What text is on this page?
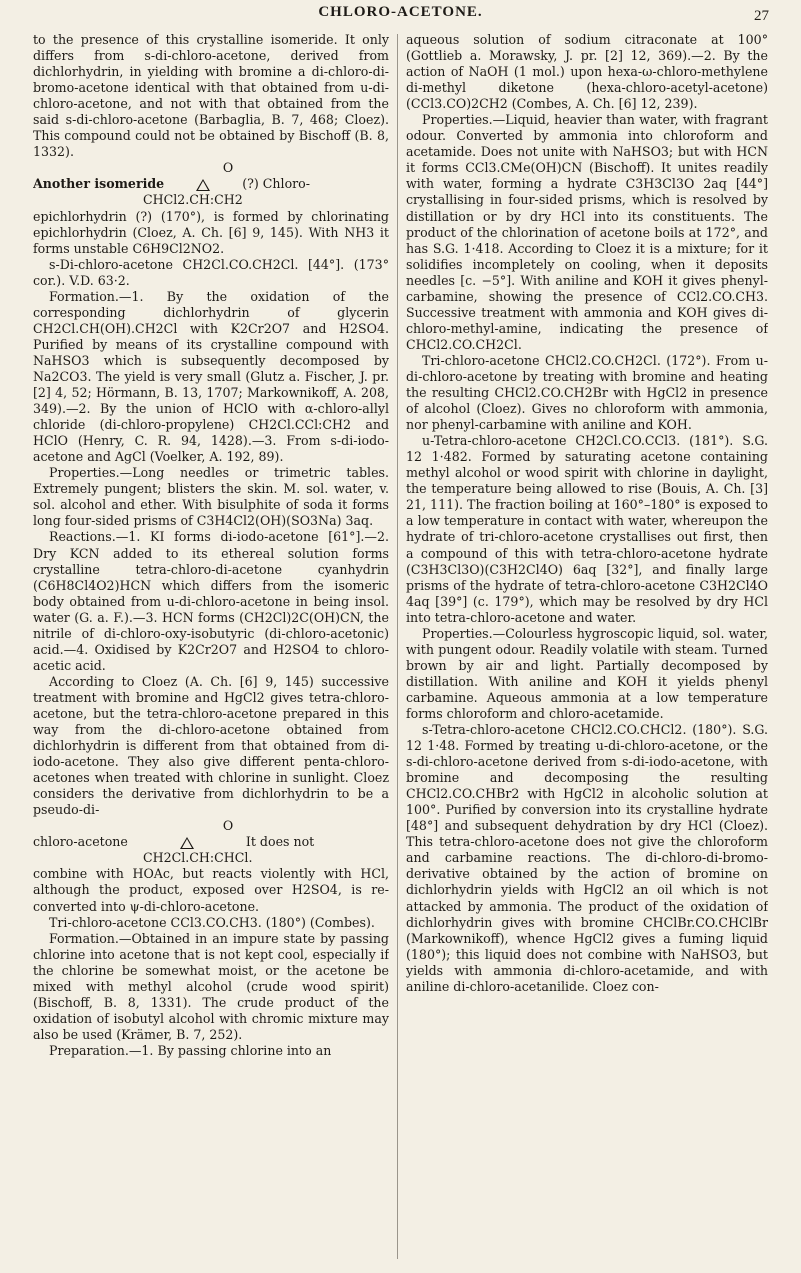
CHLORO-ACETONE.	27

to the presence of this crystalline isomeride. It only differs from s-di-chloro-acetone, derived from dichlorhydrin, in yielding with bromine a di-chloro-di-bromo-acetone identical with that obtained from u-di-chloro-acetone, and not with that obtained from the said s-di-chloro-acetone (Barbaglia, B. 7, 468; Cloez). This compound could not be obtained by Bischoff (B. 8, 1332).

O

Another isomeride	(?) Chloro-

CHCl2.CH:CH2

epichlorhydrin (?) (170°), is formed by chlorinating epichlorhydrin (Cloez, A. Ch. [6] 9, 145). With NH3 it forms unstable C6H9Cl2NO2.

s-Di-chloro-acetone CH2Cl.CO.CH2Cl. [44°]. (173° cor.). V.D. 63·2.

Formation.—1. By the oxidation of the corresponding dichlorhydrin of glycerin CH2Cl.CH(OH).CH2Cl with K2Cr2O7 and H2SO4. Purified by means of its crystalline compound with NaHSO3 which is subsequently decomposed by Na2CO3. The yield is very small (Glutz a. Fischer, J. pr. [2] 4, 52; Hörmann, B. 13, 1707; Markownikoff, A. 208, 349).—2. By the union of HClO with α-chloro-allyl chloride (di-chloro-propylene) CH2Cl.CCl:CH2 and HClO (Henry, C. R. 94, 1428).—3. From s-di-iodo-acetone and AgCl (Voelker, A. 192, 89).

Properties.—Long needles or trimetric tables. Extremely pungent; blisters the skin. M. sol. water, v. sol. alcohol and ether. With bisulphite of soda it forms long four-sided prisms of C3H4Cl2(OH)(SO3Na) 3aq.

Reactions.—1. KI forms di-iodo-acetone [61°].—2. Dry KCN added to its ethereal solution forms crystalline tetra-chloro-di-acetone cyanhydrin (C6H8Cl4O2)HCN which differs from the isomeric body obtained from u-di-chloro-acetone in being insol. water (G. a. F.).—3. HCN forms (CH2Cl)2C(OH)CN, the nitrile of di-chloro-oxy-isobutyric (di-chloro-acetonic) acid.—4. Oxidised by K2Cr2O7 and H2SO4 to chloro-acetic acid.

According to Cloez (A. Ch. [6] 9, 145) successive treatment with bromine and HgCl2 gives tetra-chloro-acetone, but the tetra-chloro-acetone prepared in this way from the di-chloro-acetone obtained from dichlorhydrin is different from that obtained from di-iodo-acetone. They also give different penta-chloro-acetones when treated with chlorine in sunlight. Cloez considers the derivative from dichlorhydrin to be a pseudo-di-

O

chloro-acetone	It does not

CH2Cl.CH:CHCl.

combine with HOAc, but reacts violently with HCl, although the product, exposed over H2SO4, is re-converted into ψ-di-chloro-acetone.

Tri-chloro-acetone CCl3.CO.CH3. (180°) (Combes).

Formation.—Obtained in an impure state by passing chlorine into acetone that is not kept cool, especially if the chlorine be somewhat moist, or the acetone be mixed with methyl alcohol (crude wood spirit) (Bischoff, B. 8, 1331). The crude product of the oxidation of isobutyl alcohol with chromic mixture may also be used (Krämer, B. 7, 252).

Preparation.—1. By passing chlorine into an

aqueous solution of sodium citraconate at 100° (Gottlieb a. Morawsky, J. pr. [2] 12, 369).—2. By the action of NaOH (1 mol.) upon hexa-ω-chloro-methylene di-methyl diketone (hexa-chloro-acetyl-acetone) (CCl3.CO)2CH2 (Combes, A. Ch. [6] 12, 239).

Properties.—Liquid, heavier than water, with fragrant odour. Converted by ammonia into chloroform and acetamide. Does not unite with NaHSO3; but with HCN it forms CCl3.CMe(OH)CN (Bischoff). It unites readily with water, forming a hydrate C3H3Cl3O 2aq [44°] crystallising in four-sided prisms, which is resolved by distillation or by dry HCl into its constituents. The product of the chlorination of acetone boils at 172°, and has S.G. 1·418. According to Cloez it is a mixture; for it solidifies incompletely on cooling, when it deposits needles [c. −5°]. With aniline and KOH it gives phenyl-carbamine, showing the presence of CCl2.CO.CH3. Successive treatment with ammonia and KOH gives di-chloro-methyl-amine, indicating the presence of CHCl2.CO.CH2Cl.

Tri-chloro-acetone CHCl2.CO.CH2Cl. (172°). From u-di-chloro-acetone by treating with bromine and heating the resulting CHCl2.CO.CH2Br with HgCl2 in presence of alcohol (Cloez). Gives no chloroform with ammonia, nor phenyl-carbamine with aniline and KOH.

u-Tetra-chloro-acetone CH2Cl.CO.CCl3. (181°). S.G. 12 1·482. Formed by saturating acetone containing methyl alcohol or wood spirit with chlorine in daylight, the temperature being allowed to rise (Bouis, A. Ch. [3] 21, 111). The fraction boiling at 160°–180° is exposed to a low temperature in contact with water, whereupon the hydrate of tri-chloro-acetone crystallises out first, then a compound of this with tetra-chloro-acetone hydrate (C3H3Cl3O)(C3H2Cl4O) 6aq [32°], and finally large prisms of the hydrate of tetra-chloro-acetone C3H2Cl4O 4aq [39°] (c. 179°), which may be resolved by dry HCl into tetra-chloro-acetone and water.

Properties.—Colourless hygroscopic liquid, sol. water, with pungent odour. Readily volatile with steam. Turned brown by air and light. Partially decomposed by distillation. With aniline and KOH it yields phenyl carbamine. Aqueous ammonia at a low temperature forms chloroform and chloro-acetamide.

s-Tetra-chloro-acetone CHCl2.CO.CHCl2. (180°). S.G. 12 1·48. Formed by treating u-di-chloro-acetone, or the s-di-chloro-acetone derived from s-di-iodo-acetone, with bromine and decomposing the resulting CHCl2.CO.CHBr2 with HgCl2 in alcoholic solution at 100°. Purified by conversion into its crystalline hydrate [48°] and subsequent dehydration by dry HCl (Cloez). This tetra-chloro-acetone does not give the chloroform and carbamine reactions. The di-chloro-di-bromo-derivative obtained by the action of bromine on dichlorhydrin yields with HgCl2 an oil which is not attacked by ammonia. The product of the oxidation of dichlorhydrin gives with bromine CHClBr.CO.CHClBr (Markownikoff), whence HgCl2 gives a fuming liquid (180°); this liquid does not combine with NaHSO3, but yields with ammonia di-chloro-acetamide, and with aniline di-chloro-acetanilide. Cloez con-
